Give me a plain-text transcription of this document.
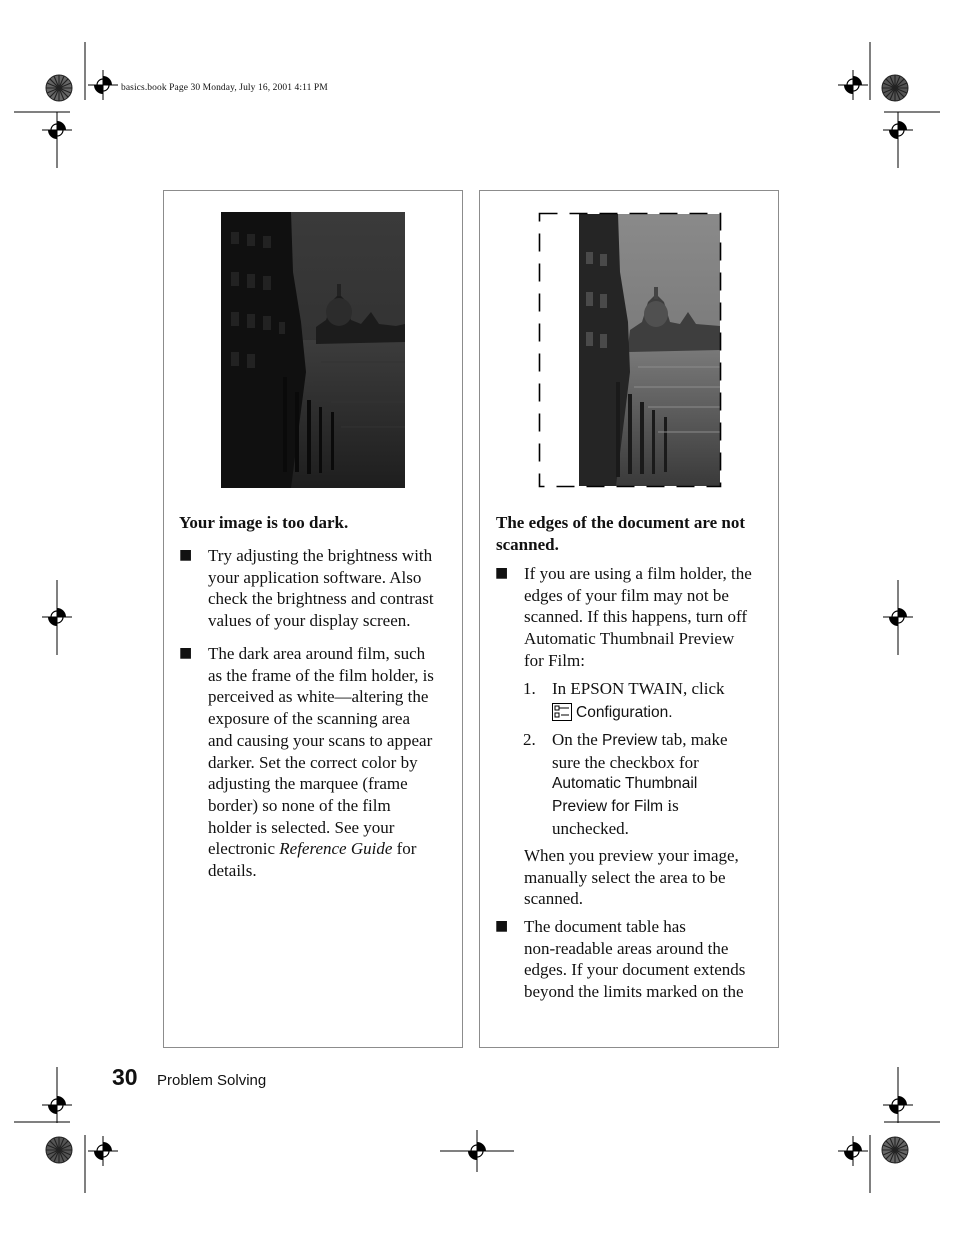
basics.book Page 30 Monday, July 16, 2001 4:11 PM
Your image is too dark.
■ Try adjusting the brightness with
your application software. Also
check the brightness and contrast
values of your display screen.
■ The dark area around film, such
as the frame of the film holder, is
perceived as white—altering the
exposure of the scanning area
and causing your scans to appear
darker. Set the correct color by
adjusting the marquee (frame
border) so none of the film
holder is selected. See your
electronic Reference Guide for
details.
The edges of the document are not
scanned.
■ If you are using a film holder, the
edges of your film may not be
scanned. If this happens, turn off
Automatic Thumbnail Preview
for Film:
1. In EPSON TWAIN, click
Configuration.
2. On the Preview tab, make
sure the checkbox for
Automatic Thumbnail
Preview for Film is
unchecked.
When you preview your image,
manually select the area to be
scanned.
■ The document table has
non-readable areas around the
edges. If your document extends
beyond the limits marked on the
30 Problem Solving
